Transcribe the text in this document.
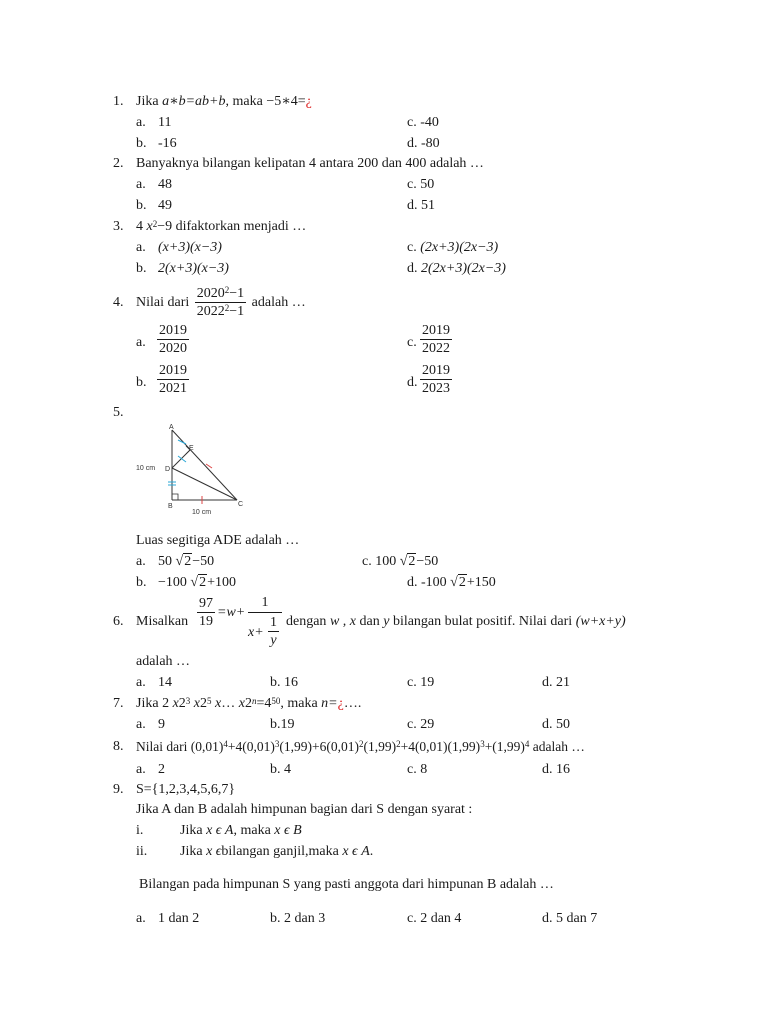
1. Jika a∗b=ab+b, maka −5∗4=¿
a. 11
b. -16
c. -40
d. -80
2. Banyaknya bilangan kelipatan 4 antara 200 dan 400 adalah …
a. 48
b. 49
c. 50
d. 51
3. 4 $x^2-9$ difaktorkan menjadi …
a. (x+3)(x−3)
b. 2(x+3)(x−3)
c. (2x+3)(2x−3)
d. 2(2x+3)(2x−3)
4. Nilai dari $\frac{2020^2-1}{2022^2-1}$ adalah …
a. $\frac{2019}{2020}$
b. $\frac{2019}{2021}$
c. $\frac{2019}{2022}$
d. $\frac{2019}{2023}$
5.
A
B	C
D
E
10 cm
10 cm
Luas segitiga ADE adalah …
a. 50 √2−50
b. −100 √2+100
c. 100 √2−50
d. -100 √2+150
6. Misalkan $\frac{97}{19} =w+$
1
$x+ \frac{1}{y}$ dengan w , x dan y bilangan bulat positif. Nilai dari (w+x+y)
adalah …
a. 14	b. 16	c. 19	d. 21
7. Jika 2 $x2^3$ $x2^5$ x… $x2^n=4^{50}$, maka n=¿….
a. 9	b.19	c. 29	d. 50
8. Nilai dari $(0,01)^4+4(0,01)^3(1,99)+6(0,01)^2(1,99)^2+4(0,01)(1,99)^3+(1,99)^4$ adalah …
a. 2	b. 4	c. 8	d. 16
9. S={1,2,3,4,5,6,7}
Jika A dan B adalah himpunan bagian dari S dengan syarat :
i.	Jika x ϵ A, maka x ϵ B
ii. Jika x ϵbilangan ganjil,maka x ϵ A.
Bilangan pada himpunan S yang pasti anggota dari himpunan B adalah …
a. 1 dan 2	b. 2 dan 3	c. 2 dan 4	d. 5 dan 7
